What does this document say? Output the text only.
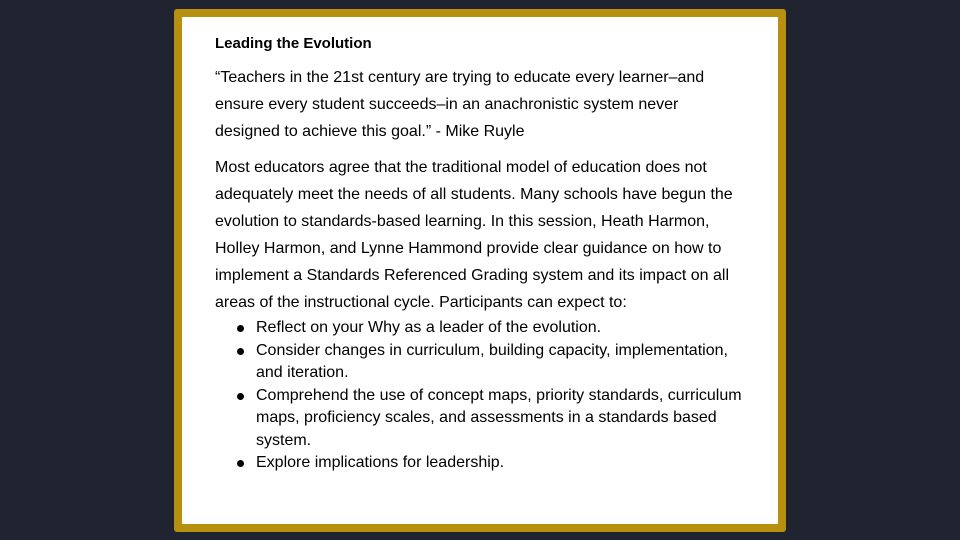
Leading the Evolution

“Teachers in the 21st century are trying to educate every learner–and ensure every student succeeds–in an anachronistic system never designed to achieve this goal.” - Mike Ruyle

Most educators agree that the traditional model of education does not adequately meet the needs of all students. Many schools have begun the evolution to standards-based learning. In this session, Heath Harmon, Holley Harmon, and Lynne Hammond provide clear guidance on how to implement a Standards Referenced Grading system and its impact on all areas of the instructional cycle. Participants can expect to:

Reflect on your Why as a leader of the evolution.
Consider changes in curriculum, building capacity, implementation, and iteration.
Comprehend the use of concept maps, priority standards, curriculum maps, proficiency scales, and assessments in a standards based system.
Explore implications for leadership.
